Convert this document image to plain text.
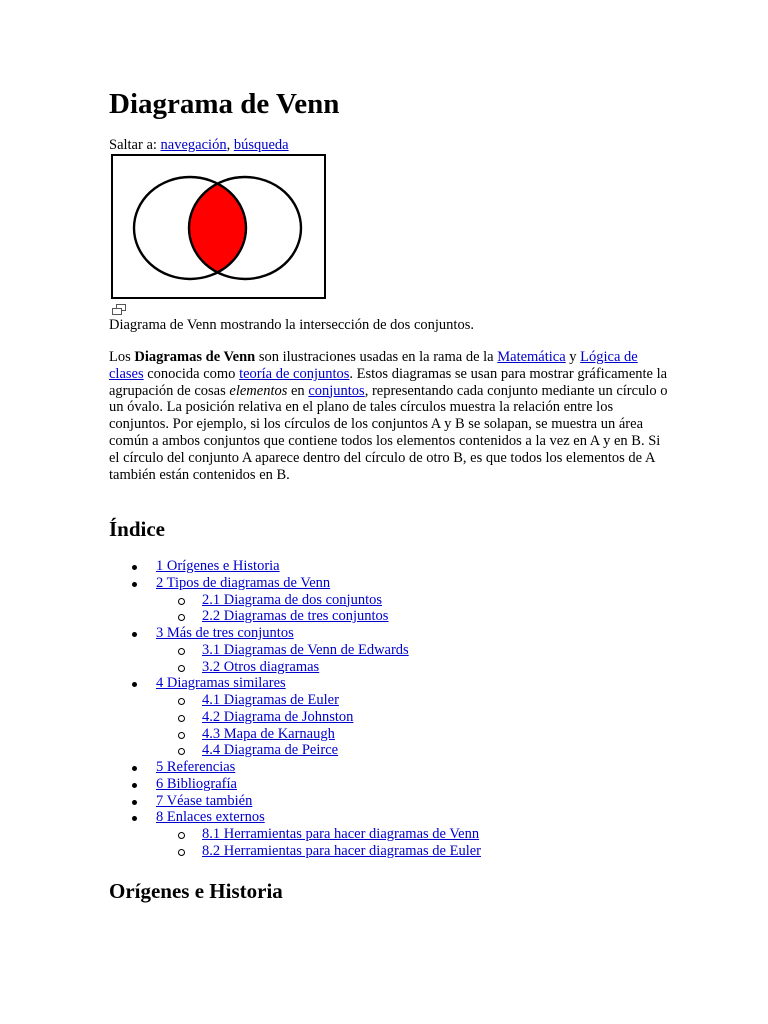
Diagrama de Venn
Saltar a: navegación, búsqueda
Diagrama de Venn mostrando la intersección de dos conjuntos.

Los Diagramas de Venn son ilustraciones usadas en la rama de la Matemática y Lógica de clases conocida como teoría de conjuntos. Estos diagramas se usan para mostrar gráficamente la agrupación de cosas elementos en conjuntos, representando cada conjunto mediante un círculo o un óvalo. La posición relativa en el plano de tales círculos muestra la relación entre los conjuntos. Por ejemplo, si los círculos de los conjuntos A y B se solapan, se muestra un área común a ambos conjuntos que contiene todos los elementos contenidos a la vez en A y en B. Si el círculo del conjunto A aparece dentro del círculo de otro B, es que todos los elementos de A también están contenidos en B.

Índice
1 Orígenes e Historia
2 Tipos de diagramas de Venn
2.1 Diagrama de dos conjuntos
2.2 Diagramas de tres conjuntos
3 Más de tres conjuntos
3.1 Diagramas de Venn de Edwards
3.2 Otros diagramas
4 Diagramas similares
4.1 Diagramas de Euler
4.2 Diagrama de Johnston
4.3 Mapa de Karnaugh
4.4 Diagrama de Peirce
5 Referencias
6 Bibliografía
7 Véase también
8 Enlaces externos
8.1 Herramientas para hacer diagramas de Venn
8.2 Herramientas para hacer diagramas de Euler
Orígenes e Historia
